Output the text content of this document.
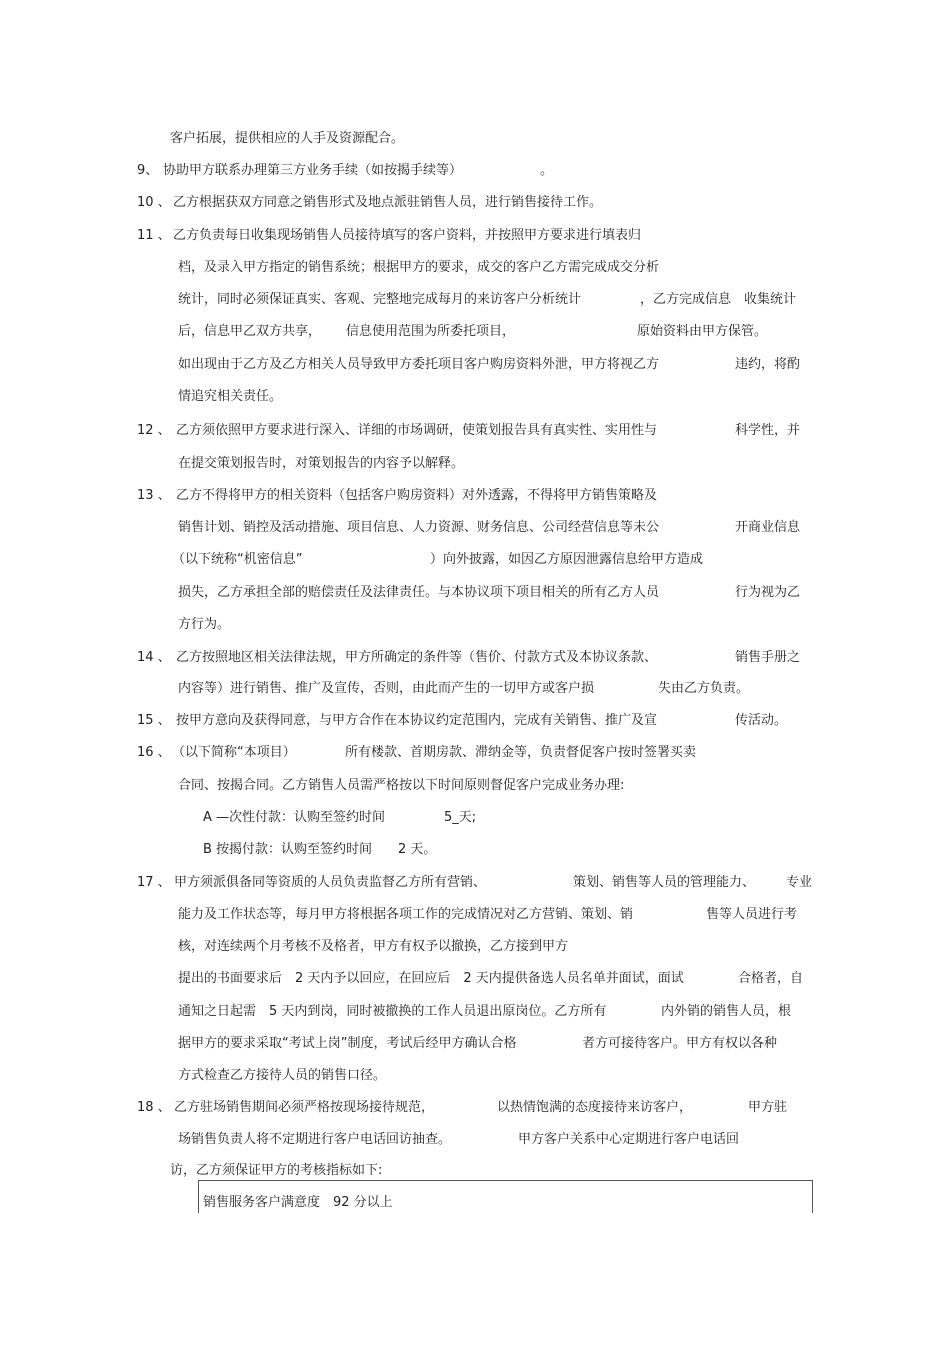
客户拓展，提供相应的人手及资源配合。
9、 协助甲方联系办理第三方业务手续（如按揭手续等）	。
10 、 乙方根据获双方同意之销售形式及地点派驻销售人员，进行销售接待工作。
11 、 乙方负责每日收集现场销售人员接待填写的客户资料，并按照甲方要求进行填表归
档，及录入甲方指定的销售系统；根据甲方的要求，成交的客户乙方需完成成交分析
统计，同时必须保证真实、客观、完整地完成每月的来访客户分析统计	，乙方完成信息　收集统计
后，信息甲乙双方共享， 信息使用范围为所委托项目，	原始资料由甲方保管。
如出现由于乙方及乙方相关人员导致甲方委托项目客户购房资料外泄，甲方将视乙方	违约，将酌
情追究相关责任。
12 、 乙方须依照甲方要求进行深入、详细的市场调研，使策划报告具有真实性、实用性与	科学性，并
在提交策划报告时，对策划报告的内容予以解释。
13 、 乙方不得将甲方的相关资料（包括客户购房资料）对外透露，不得将甲方销售策略及
销售计划、销控及活动措施、项目信息、人力资源、财务信息、公司经营信息等未公	开商业信息
（以下统称“机密信息”	）向外披露，如因乙方原因泄露信息给甲方造成
损失，乙方承担全部的赔偿责任及法律责任。与本协议项下项目相关的所有乙方人员	行为视为乙
方行为。
14 、 乙方按照地区相关法律法规，甲方所确定的条件等（售价、付款方式及本协议条款、	销售手册之
内容等）进行销售、推广及宣传，否则，由此而产生的一切甲方或客户损	失由乙方负责。
15 、 按甲方意向及获得同意，与甲方合作在本协议约定范围内，完成有关销售、推广及宣	传活动。
16 、 （以下简称“本项目）	所有楼款、首期房款、滞纳金等，负责督促客户按时签署买卖
合同、按揭合同。乙方销售人员需严格按以下时间原则督促客户完成业务办理:
A —次性付款：认购至签约时间	5_天;
B 按揭付款：认购至签约时间 2 天。
17 、 甲方须派俱备同等资质的人员负责监督乙方所有营销、	策划、销售等人员的管理能力、 专业
能力及工作状态等，每月甲方将根据各项工作的完成情况对乙方营销、策划、销	售等人员进行考
核，对连续两个月考核不及格者，甲方有权予以撤换，乙方接到甲方
提出的书面要求后　2 天内予以回应，在回应后　2 天内提供备选人员名单并面试，面试	合格者，自
通知之日起需　5 天内到岗，同时被撤换的工作人员退出原岗位。乙方所有	内外销的销售人员，根
据甲方的要求采取“考试上岗”制度，考试后经甲方确认合格	者方可接待客户。甲方有权以各种
方式检查乙方接待人员的销售口径。
18 、 乙方驻场销售期间必须严格按现场接待规范，	以热情饱满的态度接待来访客户，	甲方驻
场销售负责人将不定期进行客户电话回访抽查。	甲方客户关系中心定期进行客户电话回
访，乙方须保证甲方的考核指标如下:
销售服务客户满意度　92 分以上
